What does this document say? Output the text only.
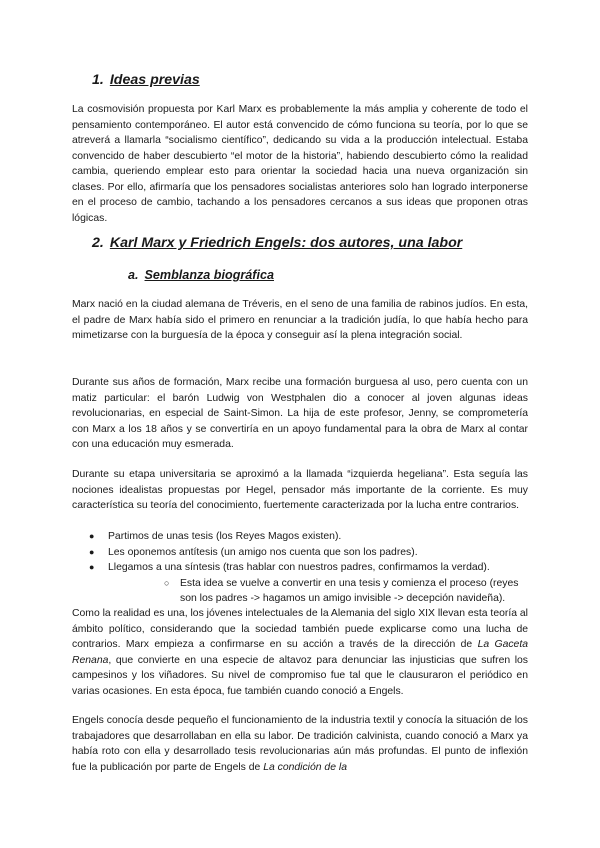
1. Ideas previas

La cosmovisión propuesta por Karl Marx es probablemente la más amplia y coherente de todo el pensamiento contemporáneo. El autor está convencido de cómo funciona su teoría, por lo que se atreverá a llamarla “socialismo científico”, dedicando su vida a la producción intelectual. Estaba convencido de haber descubierto “el motor de la historia”, habiendo descubierto cómo la realidad cambia, queriendo emplear esto para orientar la sociedad hacia una nueva organización sin clases. Por ello, afirmaría que los pensadores socialistas anteriores solo han logrado interponerse en el proceso de cambio, tachando a los pensadores cercanos a sus ideas que proponen otras lógicas.

2. Karl Marx y Friedrich Engels: dos autores, una labor
a. Semblanza biográfica

Marx nació en la ciudad alemana de Tréveris, en el seno de una familia de rabinos judíos. En esta, el padre de Marx había sido el primero en renunciar a la tradición judía, lo que había hecho para mimetizarse con la burguesía de la época y conseguir así la plena integración social.

Durante sus años de formación, Marx recibe una formación burguesa al uso, pero cuenta con un matiz particular: el barón Ludwig von Westphalen dio a conocer al joven algunas ideas revolucionarias, en especial de Saint-Simon. La hija de este profesor, Jenny, se comprometería con Marx a los 18 años y se convertiría en un apoyo fundamental para la obra de Marx al contar con una educación muy esmerada.

Durante su etapa universitaria se aproximó a la llamada “izquierda hegeliana”. Esta seguía las nociones idealistas propuestas por Hegel, pensador más importante de la corriente. Es muy característica su teoría del conocimiento, fuertemente caracterizada por la lucha entre contrarios.

● Partimos de unas tesis (los Reyes Magos existen).
● Les oponemos antítesis (un amigo nos cuenta que son los padres).
● Llegamos a una síntesis (tras hablar con nuestros padres, confirmamos la verdad).
○ Esta idea se vuelve a convertir en una tesis y comienza el proceso (reyes son los padres -> hagamos un amigo invisible -> decepción navideña).

Como la realidad es una, los jóvenes intelectuales de la Alemania del siglo XIX llevan esta teoría al ámbito político, considerando que la sociedad también puede explicarse como una lucha de contrarios. Marx empieza a confirmarse en su acción a través de la dirección de La Gaceta Renana, que convierte en una especie de altavoz para denunciar las injusticias que sufren los campesinos y los viñadores. Su nivel de compromiso fue tal que le clausuraron el periódico en varias ocasiones. En esta época, fue también cuando conoció a Engels.

Engels conocía desde pequeño el funcionamiento de la industria textil y conocía la situación de los trabajadores que desarrollaban en ella su labor. De tradición calvinista, cuando conoció a Marx ya había roto con ella y desarrollado tesis revolucionarias aún más profundas. El punto de inflexión fue la publicación por parte de Engels de La condición de la
